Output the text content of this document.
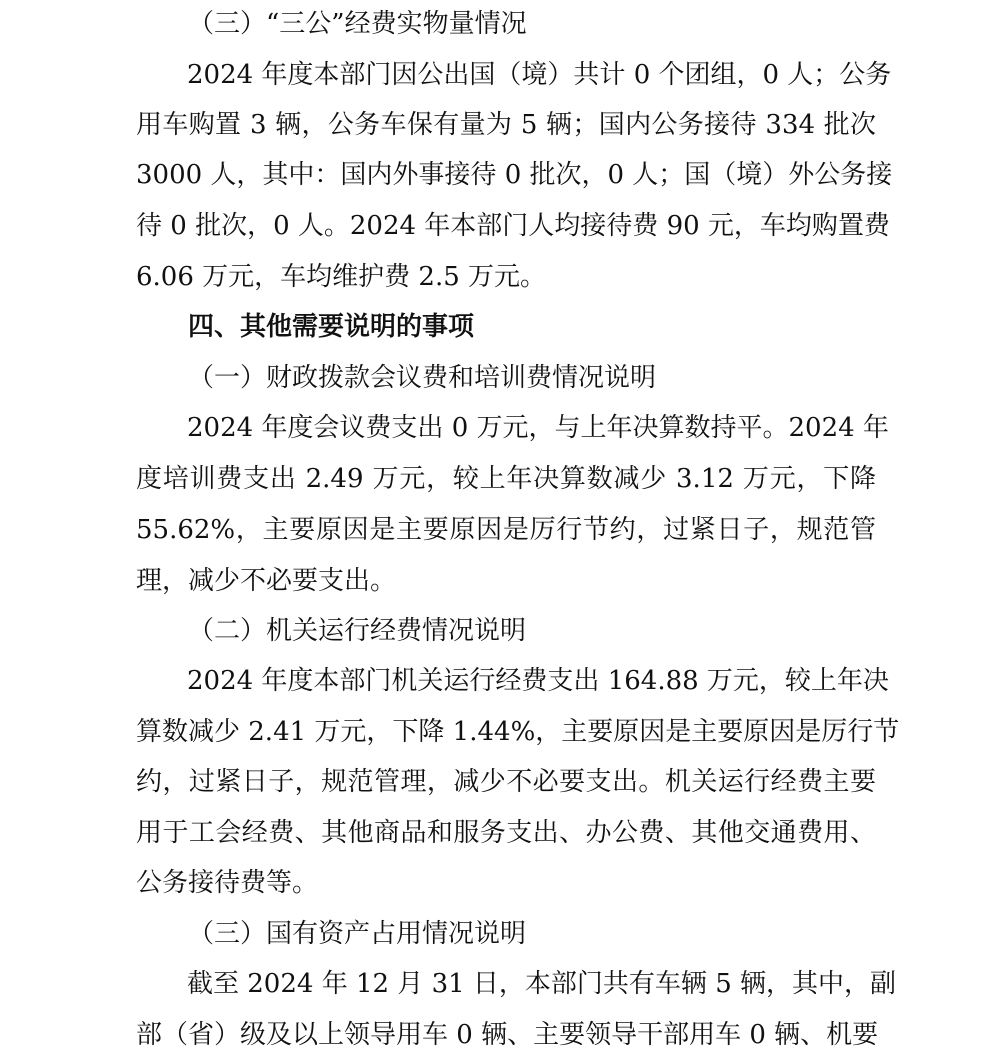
（三）“三公”经费实物量情况
2024 年度本部门因公出国（境）共计 0 个团组，0 人；公务
用车购置 3 辆，公务车保有量为 5 辆；国内公务接待 334 批次
3000 人，其中：国内外事接待 0 批次，0 人；国（境）外公务接
待 0 批次，0 人。2024 年本部门人均接待费 90 元，车均购置费
6.06 万元，车均维护费 2.5 万元。
四、其他需要说明的事项
（一）财政拨款会议费和培训费情况说明
2024 年度会议费支出 0 万元，与上年决算数持平。2024 年
度培训费支出 2.49 万元，较上年决算数减少 3.12 万元，下降
55.62%，主要原因是主要原因是厉行节约，过紧日子，规范管
理，减少不必要支出。
（二）机关运行经费情况说明
2024 年度本部门机关运行经费支出 164.88 万元，较上年决
算数减少 2.41 万元，下降 1.44%，主要原因是主要原因是厉行节
约，过紧日子，规范管理，减少不必要支出。机关运行经费主要
用于工会经费、其他商品和服务支出、办公费、其他交通费用、
公务接待费等。
（三）国有资产占用情况说明
截至 2024 年 12 月 31 日，本部门共有车辆 5 辆，其中，副
部（省）级及以上领导用车 0 辆、主要领导干部用车 0 辆、机要
